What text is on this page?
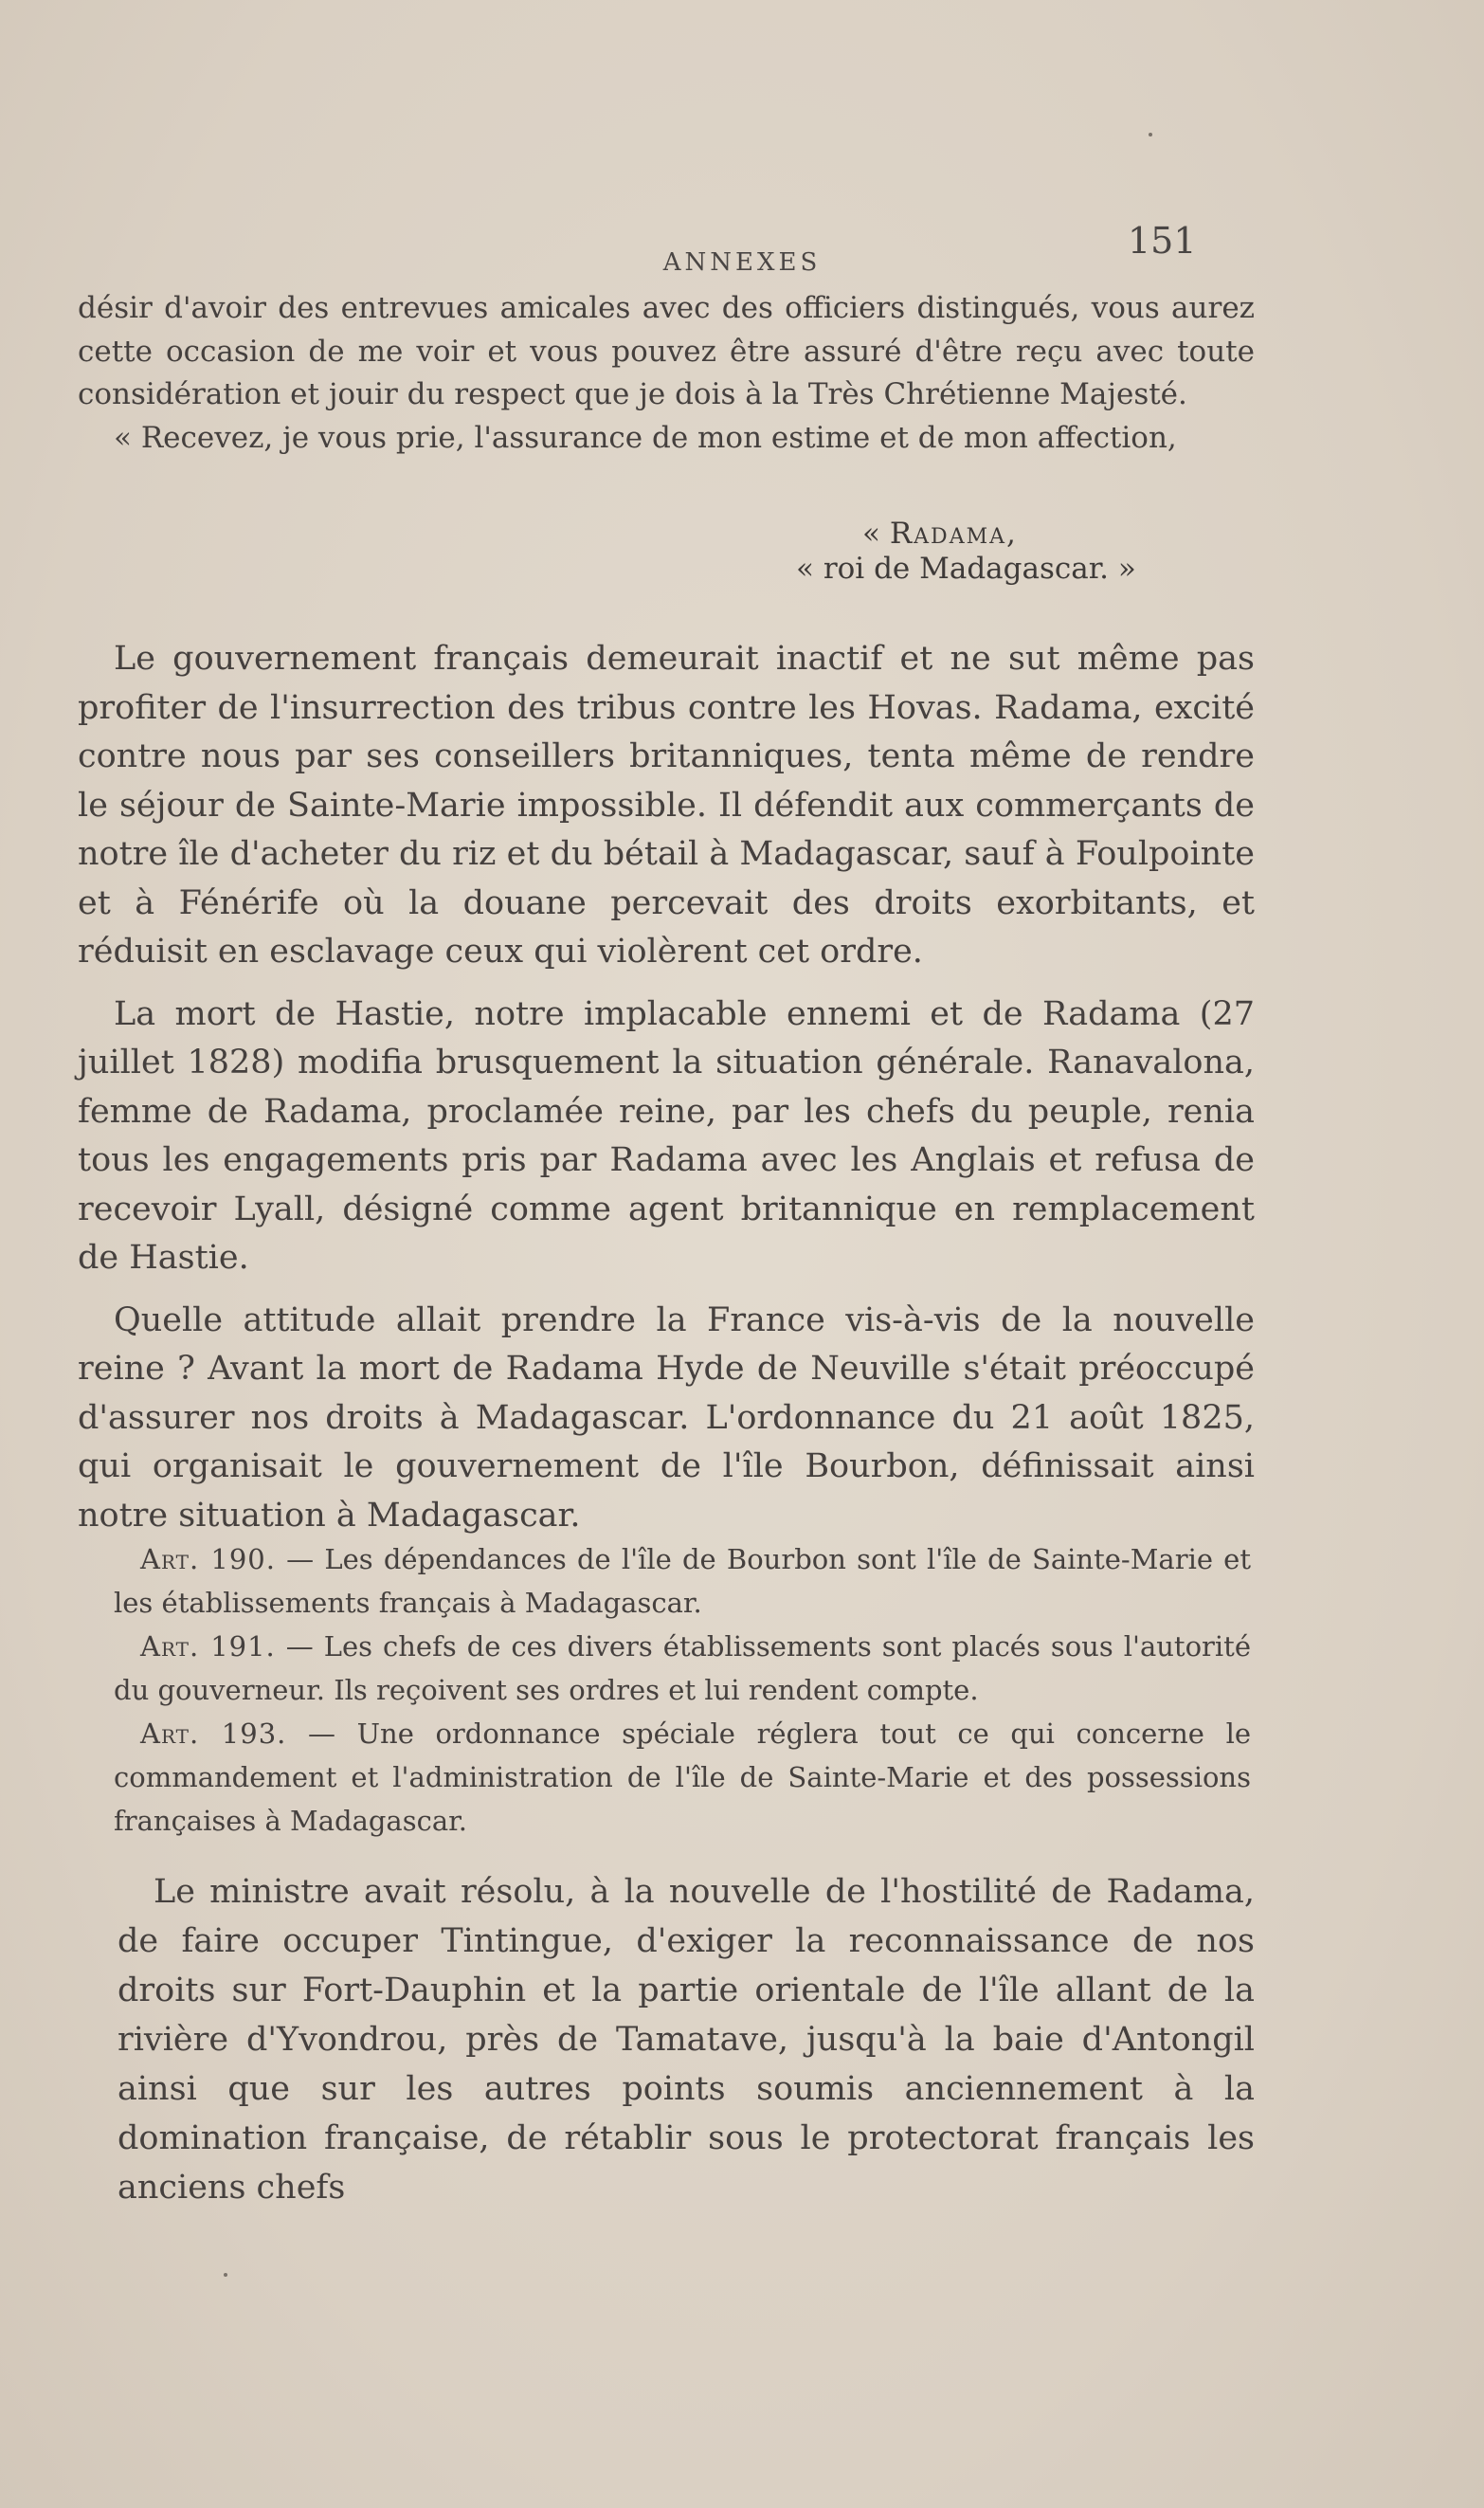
ANNEXES
151

désir d'avoir des entrevues amicales avec des officiers distingués, vous aurez cette occasion de me voir et vous pouvez être assuré d'être reçu avec toute considération et jouir du respect que je dois à la Très Chrétienne Majesté.

« Recevez, je vous prie, l'assurance de mon estime et de mon affection,

« Radama,
« roi de Madagascar. »

Le gouvernement français demeurait inactif et ne sut même pas profiter de l'insurrection des tribus contre les Hovas. Radama, excité contre nous par ses conseillers britanniques, tenta même de rendre le séjour de Sainte-Marie impossible. Il défendit aux commerçants de notre île d'acheter du riz et du bétail à Madagascar, sauf à Foulpointe et à Fénérife où la douane percevait des droits exorbitants, et réduisit en esclavage ceux qui violèrent cet ordre.

La mort de Hastie, notre implacable ennemi et de Radama (27 juillet 1828) modifia brusquement la situation générale. Ranavalona, femme de Radama, proclamée reine, par les chefs du peuple, renia tous les engagements pris par Radama avec les Anglais et refusa de recevoir Lyall, désigné comme agent britannique en remplacement de Hastie.

Quelle attitude allait prendre la France vis-à-vis de la nouvelle reine ? Avant la mort de Radama Hyde de Neuville s'était préoccupé d'assurer nos droits à Madagascar. L'ordonnance du 21 août 1825, qui organisait le gouvernement de l'île Bourbon, définissait ainsi notre situation à Madagascar.

Art. 190. — Les dépendances de l'île de Bourbon sont l'île de Sainte-Marie et les établissements français à Madagascar.

Art. 191. — Les chefs de ces divers établissements sont placés sous l'autorité du gouverneur. Ils reçoivent ses ordres et lui rendent compte.

Art. 193. — Une ordonnance spéciale réglera tout ce qui concerne le commandement et l'administration de l'île de Sainte-Marie et des possessions françaises à Madagascar.

Le ministre avait résolu, à la nouvelle de l'hostilité de Radama, de faire occuper Tintingue, d'exiger la reconnaissance de nos droits sur Fort-Dauphin et la partie orientale de l'île allant de la rivière d'Yvondrou, près de Tamatave, jusqu'à la baie d'Antongil ainsi que sur les autres points soumis anciennement à la domination française, de rétablir sous le protectorat français les anciens chefs
